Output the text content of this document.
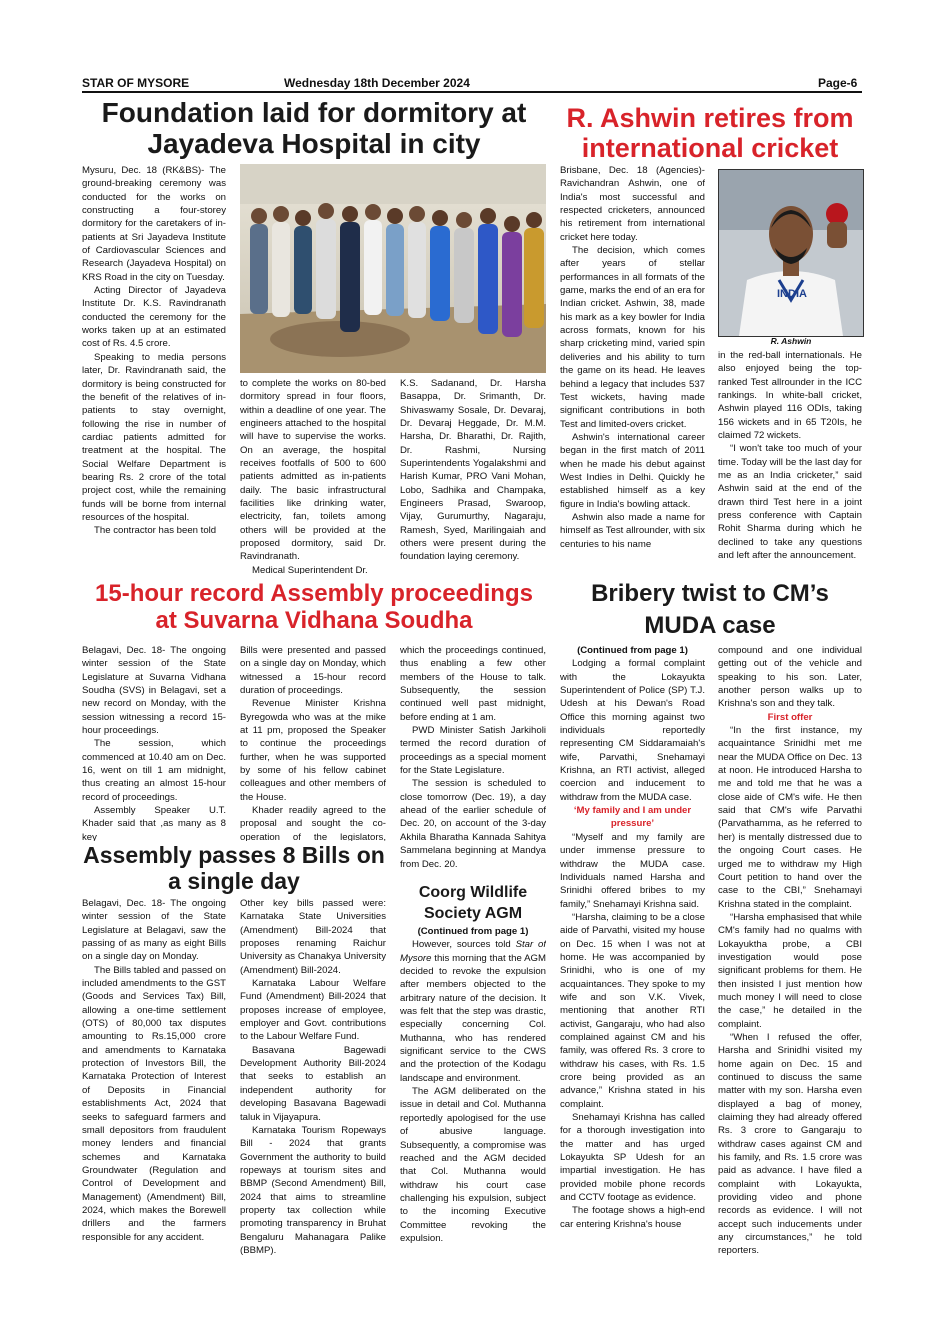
STAR OF MYSORE	Wednesday 18th December 2024	Page-6
Foundation laid for dormitory at Jayadeva Hospital in city

Mysuru, Dec. 18 (RK&BS)- The ground-breaking ceremony was conducted for the works on constructing a four-storey dormitory for the caretakers of in-patients at Sri Jayadeva Institute of Cardiovascular Sciences and Research (Jayadeva Hospital) on KRS Road in the city on Tuesday.

Acting Director of Jayadeva Institute Dr. K.S. Ravindranath conducted the ceremony for the works taken up at an estimated cost of Rs. 4.5 crore.

Speaking to media persons later, Dr. Ravindranath said, the dormitory is being constructed for the benefit of the relatives of in-patients to stay overnight, following the rise in number of cardiac patients admitted for treatment at the hospital. The Social Welfare Department is bearing Rs. 2 crore of the total project cost, while the remaining funds will be borne from internal resources of the hospital.

The contractor has been told

to complete the works on 80-bed dormitory spread in four floors, within a deadline of one year. The engineers attached to the hospital will have to supervise the works. On an average, the hospital receives footfalls of 500 to 600 patients admitted as in-patients daily. The basic infrastructural facilities like drinking water, electricity, fan, toilets among others will be provided at the proposed dormitory, said Dr. Ravindranath.

Medical Superintendent Dr.

K.S. Sadanand, Dr. Harsha Basappa, Dr. Srimanth, Dr. Shivaswamy Sosale, Dr. Devaraj, Dr. Devaraj Heggade, Dr. M.M. Harsha, Dr. Bharathi, Dr. Rajith, Dr. Rashmi, Nursing Superintendents Yogalakshmi and Harish Kumar, PRO Vani Mohan, Lobo, Sadhika and Champaka, Engineers Prasad, Swaroop, Vijay, Gurumurthy, Nagaraju, Ramesh, Syed, Marilingaiah and others were present during the foundation laying ceremony.

R. Ashwin retires from international cricket

Brisbane, Dec. 18 (Agencies)- Ravichandran Ashwin, one of India's most successful and respected cricketers, announced his retirement from international cricket here today.

The decision, which comes after years of stellar performances in all formats of the game, marks the end of an era for Indian cricket. Ashwin, 38, made his mark as a key bowler for India across formats, known for his sharp cricketing mind, varied spin deliveries and his ability to turn the game on its head. He leaves behind a legacy that includes 537 Test wickets, having made significant contributions in both Test and limited-overs cricket.

Ashwin's international career began in the first match of 2011 when he made his debut against West Indies in Delhi. Quickly he established himself as a key figure in India's bowling attack.

Ashwin also made a name for himself as Test allrounder, with six centuries to his name

INDIA
R. Ashwin

in the red-ball internationals. He also enjoyed being the top-ranked Test allrounder in the ICC rankings. In white-ball cricket, Ashwin played 116 ODIs, taking 156 wickets and in 65 T20Is, he claimed 72 wickets.

“I won't take too much of your time. Today will be the last day for me as an India cricketer,” said Ashwin said at the end of the drawn third Test here in a joint press conference with Captain Rohit Sharma during which he declined to take any questions and left after the announcement.

15-hour record Assembly proceedings at Suvarna Vidhana Soudha

Belagavi, Dec. 18- The ongoing winter session of the State Legislature at Suvarna Vidhana Soudha (SVS) in Belagavi, set a new record on Monday, with the session witnessing a record 15-hour proceedings.

The session, which commenced at 10.40 am on Dec. 16, went on till 1 am midnight, thus creating an almost 15-hour record of proceedings.

Assembly Speaker U.T. Khader said that ,as many as 8 key

Bills were presented and passed on a single day on Monday, which witnessed a 15-hour record duration of proceedings.

Revenue Minister Krishna Byregowda who was at the mike at 11 pm, proposed the Speaker to continue the proceedings further, when he was supported by some of his fellow cabinet colleagues and other members of the House.

Khader readily agreed to the proposal and sought the co-operation of the legislators,

which the proceedings continued, thus enabling a few other members of the House to talk. Subsequently, the session continued well past midnight, before ending at 1 am.

PWD Minister Satish Jarkiholi termed the record duration of proceedings as a special moment for the State Legislature.

The session is scheduled to close tomorrow (Dec. 19), a day ahead of the earlier schedule of Dec. 20, on account of the 3-day Akhila Bharatha Kannada Sahitya Sammelana beginning at Mandya from Dec. 20.

Assembly passes 8 Bills on a single day

Belagavi, Dec. 18- The ongoing winter session of the State Legislature at Belagavi, saw the passing of as many as eight Bills on a single day on Monday.

The Bills tabled and passed on included amendments to the GST (Goods and Services Tax) Bill, allowing a one-time settlement (OTS) of 80,000 tax disputes amounting to Rs.15,000 crore and amendments to Karnataka protection of Investors Bill, the Karnataka Protection of Interest of Deposits in Financial establishments Act, 2024 that seeks to safeguard farmers and small depositors from fraudulent money lenders and financial schemes and Karnataka Groundwater (Regulation and Control of Development and Management) (Amendment) Bill, 2024, which makes the Borewell drillers and the farmers responsible for any accident.

Other key bills passed were: Karnataka State Universities (Amendment) Bill-2024 that proposes renaming Raichur University as Chanakya University (Amendment) Bill-2024.

Karnataka Labour Welfare Fund (Amendment) Bill-2024 that proposes increase of employee, employer and Govt. contributions to the Labour Welfare Fund.

Basavana Bagewadi Development Authority Bill-2024 that seeks to establish an independent authority for developing Basavana Bagewadi taluk in Vijayapura.

Karnataka Tourism Ropeways Bill - 2024 that grants Government the authority to build ropeways at tourism sites and BBMP (Second Amendment) Bill, 2024 that aims to streamline property tax collection while promoting transparency in Bruhat Bengaluru Mahanagara Palike (BBMP).

Coorg Wildlife Society AGM

(Continued from page 1)

However, sources told Star of Mysore this morning that the AGM decided to revoke the expulsion after members objected to the arbitrary nature of the decision. It was felt that the step was drastic, especially concerning Col. Muthanna, who has rendered significant service to the CWS and the protection of the Kodagu landscape and environment.

The AGM deliberated on the issue in detail and Col. Muthanna reportedly apologised for the use of abusive language. Subsequently, a compromise was reached and the AGM decided that Col. Muthanna would withdraw his court case challenging his expulsion, subject to the incoming Executive Committee revoking the expulsion.

Bribery twist to CM’s MUDA case

(Continued from page 1)

Lodging a formal complaint with the Lokayukta Superintendent of Police (SP) T.J. Udesh at his Dewan's Road Office this morning against two individuals reportedly representing CM Siddaramaiah's wife, Parvathi, Snehamayi Krishna, an RTI activist, alleged coercion and inducement to withdraw from the MUDA case.

‘My family and I am under pressure’

“Myself and my family are under immense pressure to withdraw the MUDA case. Individuals named Harsha and Srinidhi offered bribes to my family,” Snehamayi Krishna said.

“Harsha, claiming to be a close aide of Parvathi, visited my house on Dec. 15 when I was not at home. He was accompanied by Srinidhi, who is one of my acquaintances. They spoke to my wife and son V.K. Vivek, mentioning that another RTI activist, Gangaraju, who had also complained against CM and his family, was offered Rs. 3 crore to withdraw his cases, with Rs. 1.5 crore being provided as an advance,” Krishna stated in his complaint.

Snehamayi Krishna has called for a thorough investigation into the matter and has urged Lokayukta SP Udesh for an impartial investigation. He has provided mobile phone records and CCTV footage as evidence.

The footage shows a high-end car entering Krishna's house

compound and one individual getting out of the vehicle and speaking to his son. Later, another person walks up to Krishna's son and they talk.

First offer

“In the first instance, my acquaintance Srinidhi met me near the MUDA Office on Dec. 13 at noon. He introduced Harsha to me and told me that he was a close aide of CM's wife. He then said that CM's wife Parvathi (Parvathamma, as he referred to her) is mentally distressed due to the ongoing Court cases. He urged me to withdraw my High Court petition to hand over the case to the CBI,” Snehamayi Krishna stated in the complaint.

“Harsha emphasised that while CM's family had no qualms with Lokayuktha probe, a CBI investigation would pose significant problems for them. He then insisted I just mention how much money I will need to close the case,” he detailed in the complaint.

“When I refused the offer, Harsha and Srinidhi visited my home again on Dec. 15 and continued to discuss the same matter with my son. Harsha even displayed a bag of money, claiming they had already offered Rs. 3 crore to Gangaraju to withdraw cases against CM and his family, and Rs. 1.5 crore was paid as advance. I have filed a complaint with Lokayukta, providing video and phone records as evidence. I will not accept such inducements under any circumstances,” he told reporters.
